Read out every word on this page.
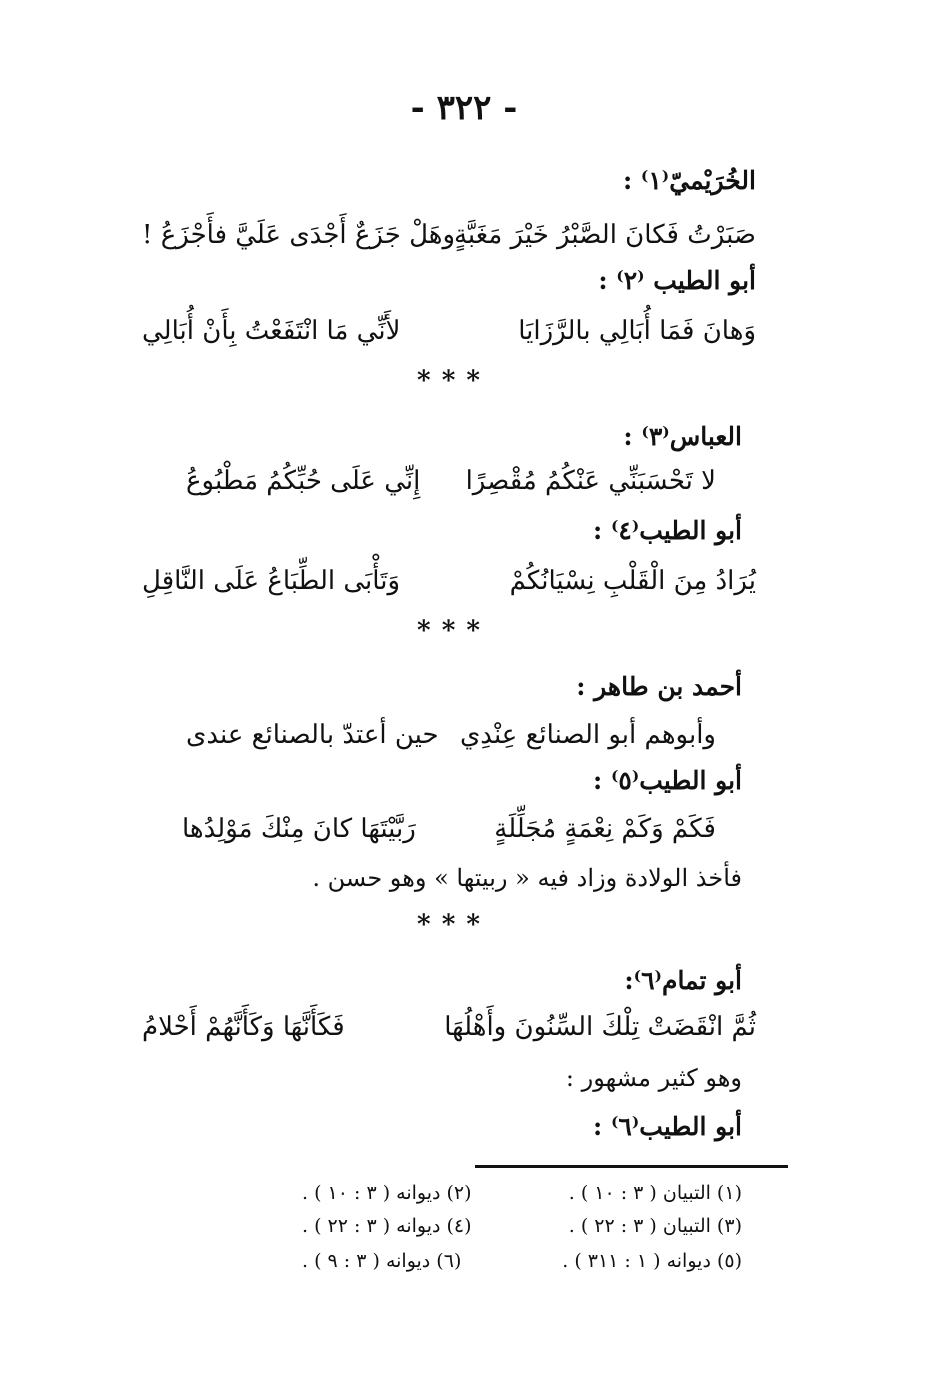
- ٣٢٢ -
الخُرَيْميّ⁽١⁾ :
صَبَرْتُ فَكانَ الصَّبْرُ خَيْرَ مَغَبَّةٍ
وهَلْ جَزَعٌ أَجْدَى عَلَيَّ فأَجْزَعُ !
أبو الطيب ⁽٢⁾ :
وَهانَ فَمَا أُبَالِي بالرَّزَايَا
لأَنِّي مَا انْتَفَعْتُ بِأَنْ أُبَالِي
* * *
العباس⁽٣⁾ :
لا تَحْسَبَنِّي عَنْكُمُ مُقْصِرًا
إِنِّي عَلَى حُبِّكُمُ مَطْبُوعُ
أبو الطيب⁽٤⁾ :
يُرَادُ مِنَ الْقَلْبِ نِسْيَانُكُمْ
وَتَأْبَى الطِّبَاعُ عَلَى النَّاقِلِ
* * *
أحمد بن طاهر :
وأبوهم أبو الصنائع عِنْدِي
حين أعتدّ بالصنائع عندى
أبو الطيب⁽٥⁾ :
فَكَمْ وَكَمْ نِعْمَةٍ مُجَلِّلَةٍ
رَبَّيْتَهَا كانَ مِنْكَ مَوْلِدُها
فأخذ الولادة وزاد فيه « ربيتها » وهو حسن .
* * *
أبو تمام⁽٦⁾:
ثُمَّ انْقَضَتْ تِلْكَ السِّنُونَ وأَهْلُهَا
فَكَأَنَّهَا وَكَأَنَّهُمْ أَحْلامُ
وهو كثير مشهور :
أبو الطيب⁽٦⁾ :
(١) التبيان ( ٣ : ١٠ ) .
(٢) ديوانه ( ٣ : ١٠ ) .
(٣) التبيان ( ٣ : ٢٢ ) .
(٤) ديوانه ( ٣ : ٢٢ ) .
(٥) ديوانه ( ١ : ٣١١ ) .
(٦) ديوانه ( ٣ : ٩ ) .
